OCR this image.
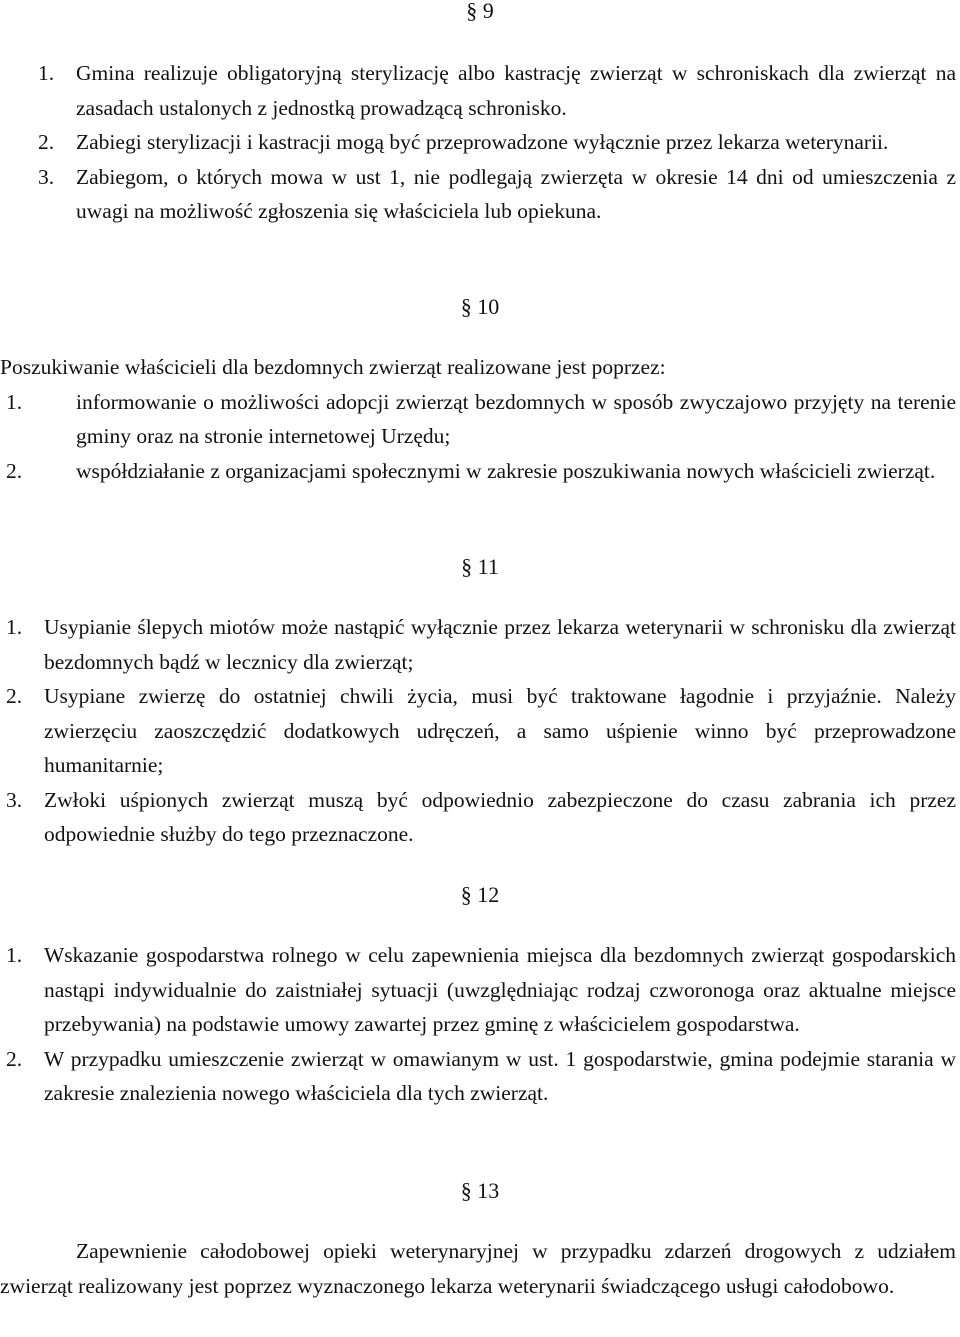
§ 9

1. Gmina realizuje obligatoryjną sterylizację albo kastrację zwierząt w schroniskach dla zwierząt na zasadach ustalonych z jednostką prowadzącą schronisko.

2. Zabiegi sterylizacji i kastracji mogą być przeprowadzone wyłącznie przez lekarza weterynarii.

3. Zabiegom, o których mowa w ust 1, nie podlegają zwierzęta w okresie 14 dni od umieszczenia z uwagi na możliwość zgłoszenia się właściciela lub opiekuna.

§ 10

Poszukiwanie właścicieli dla bezdomnych zwierząt realizowane jest poprzez:

1.	informowanie o możliwości adopcji zwierząt bezdomnych w sposób zwyczajowo przyjęty na terenie gminy oraz na stronie internetowej Urzędu;

2.	współdziałanie z organizacjami społecznymi w zakresie poszukiwania nowych właścicieli zwierząt.

§ 11

1. Usypianie ślepych miotów może nastąpić wyłącznie przez lekarza weterynarii w schronisku dla zwierząt bezdomnych bądź w lecznicy dla zwierząt;

2. Usypiane zwierzę do ostatniej chwili życia, musi być traktowane łagodnie i przyjaźnie. Należy zwierzęciu zaoszczędzić dodatkowych udręczeń, a samo uśpienie winno być przeprowadzone humanitarnie;

3. Zwłoki uśpionych zwierząt muszą być odpowiednio zabezpieczone do czasu zabrania ich przez odpowiednie służby do tego przeznaczone.

§ 12

1. Wskazanie gospodarstwa rolnego w celu zapewnienia miejsca dla bezdomnych zwierząt gospodarskich nastąpi indywidualnie do zaistniałej sytuacji (uwzględniając rodzaj czworonoga oraz aktualne miejsce przebywania) na podstawie umowy zawartej przez gminę z właścicielem gospodarstwa.

2. W przypadku umieszczenie zwierząt w omawianym w ust. 1 gospodarstwie, gmina podejmie starania w zakresie znalezienia nowego właściciela dla tych zwierząt.

§ 13

Zapewnienie całodobowej opieki weterynaryjnej w przypadku zdarzeń drogowych z udziałem zwierząt realizowany jest poprzez wyznaczonego lekarza weterynarii świadczącego usługi całodobowo.
